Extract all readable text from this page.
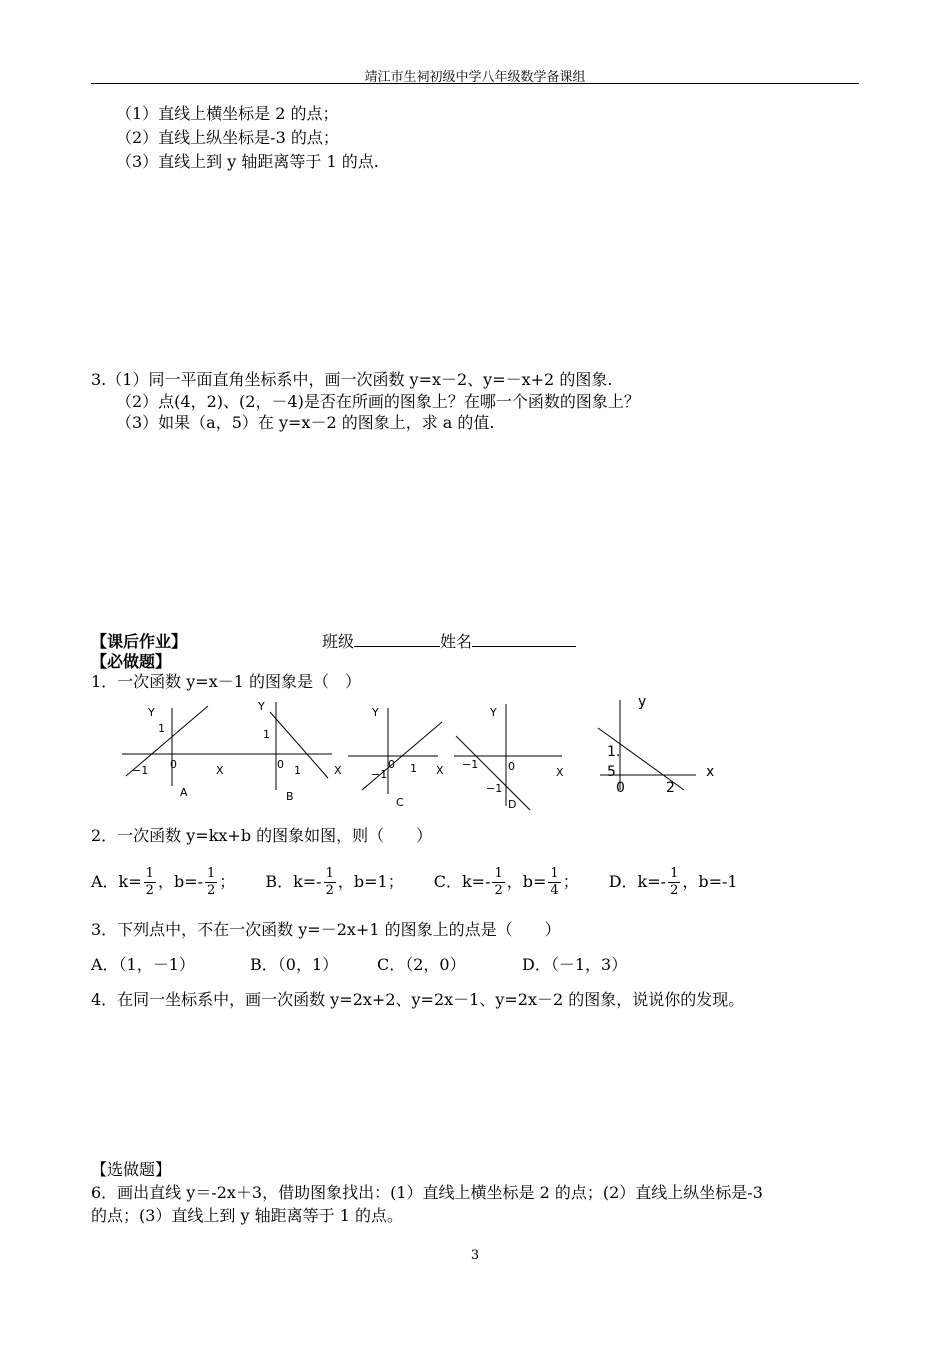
靖江市生祠初级中学八年级数学备课组
（1）直线上横坐标是 2 的点；
（2）直线上纵坐标是-3 的点；
（3）直线上到 y 轴距离等于 1 的点.
3.（1）同一平面直角坐标系中，画一次函数 y=x－2、y=－x+2 的图象.
（2）点(4，2)、(2，－4)是否在所画的图象上？在哪一个函数的图象上？
（3）如果（a，5）在 y=x－2 的图象上，求 a 的值.
【课后作业】	班级	姓名
【必做题】
1．一次函数 y=x－1 的图象是（　）
Y
1
−1 0	X
A
Y
1
0 1	X
B
Y
−1
0 1 X
C
Y
−1	0
−1
X
D
y
1.
5
0	2
x
2．一次函数 y=kx+b 的图象如图，则（　　）
A．$k= \frac{1}{2}$ ，$b=- \frac{1}{2}$ ； B．$k=- \frac{1}{2}$ ，b=1； C．$k=- \frac{1}{2}$ ，$b= \frac{1}{4}$ ； D．$k=- \frac{1}{2}$ ，b=-1
3．下列点中，不在一次函数 y=－2x+1 的图象上的点是（　　）
A．（1，－1）	B．（0，1） C．（2，0）	D．（－1，3）
4．在同一坐标系中，画一次函数 y=2x+2、y=2x－1、y=2x－2 的图象，说说你的发现。
【选做题】
6．画出直线 y＝-2x＋3，借助图象找出：(1）直线上横坐标是 2 的点；(2）直线上纵坐标是-3
的点；(3）直线上到 y 轴距离等于 1 的点。
3
